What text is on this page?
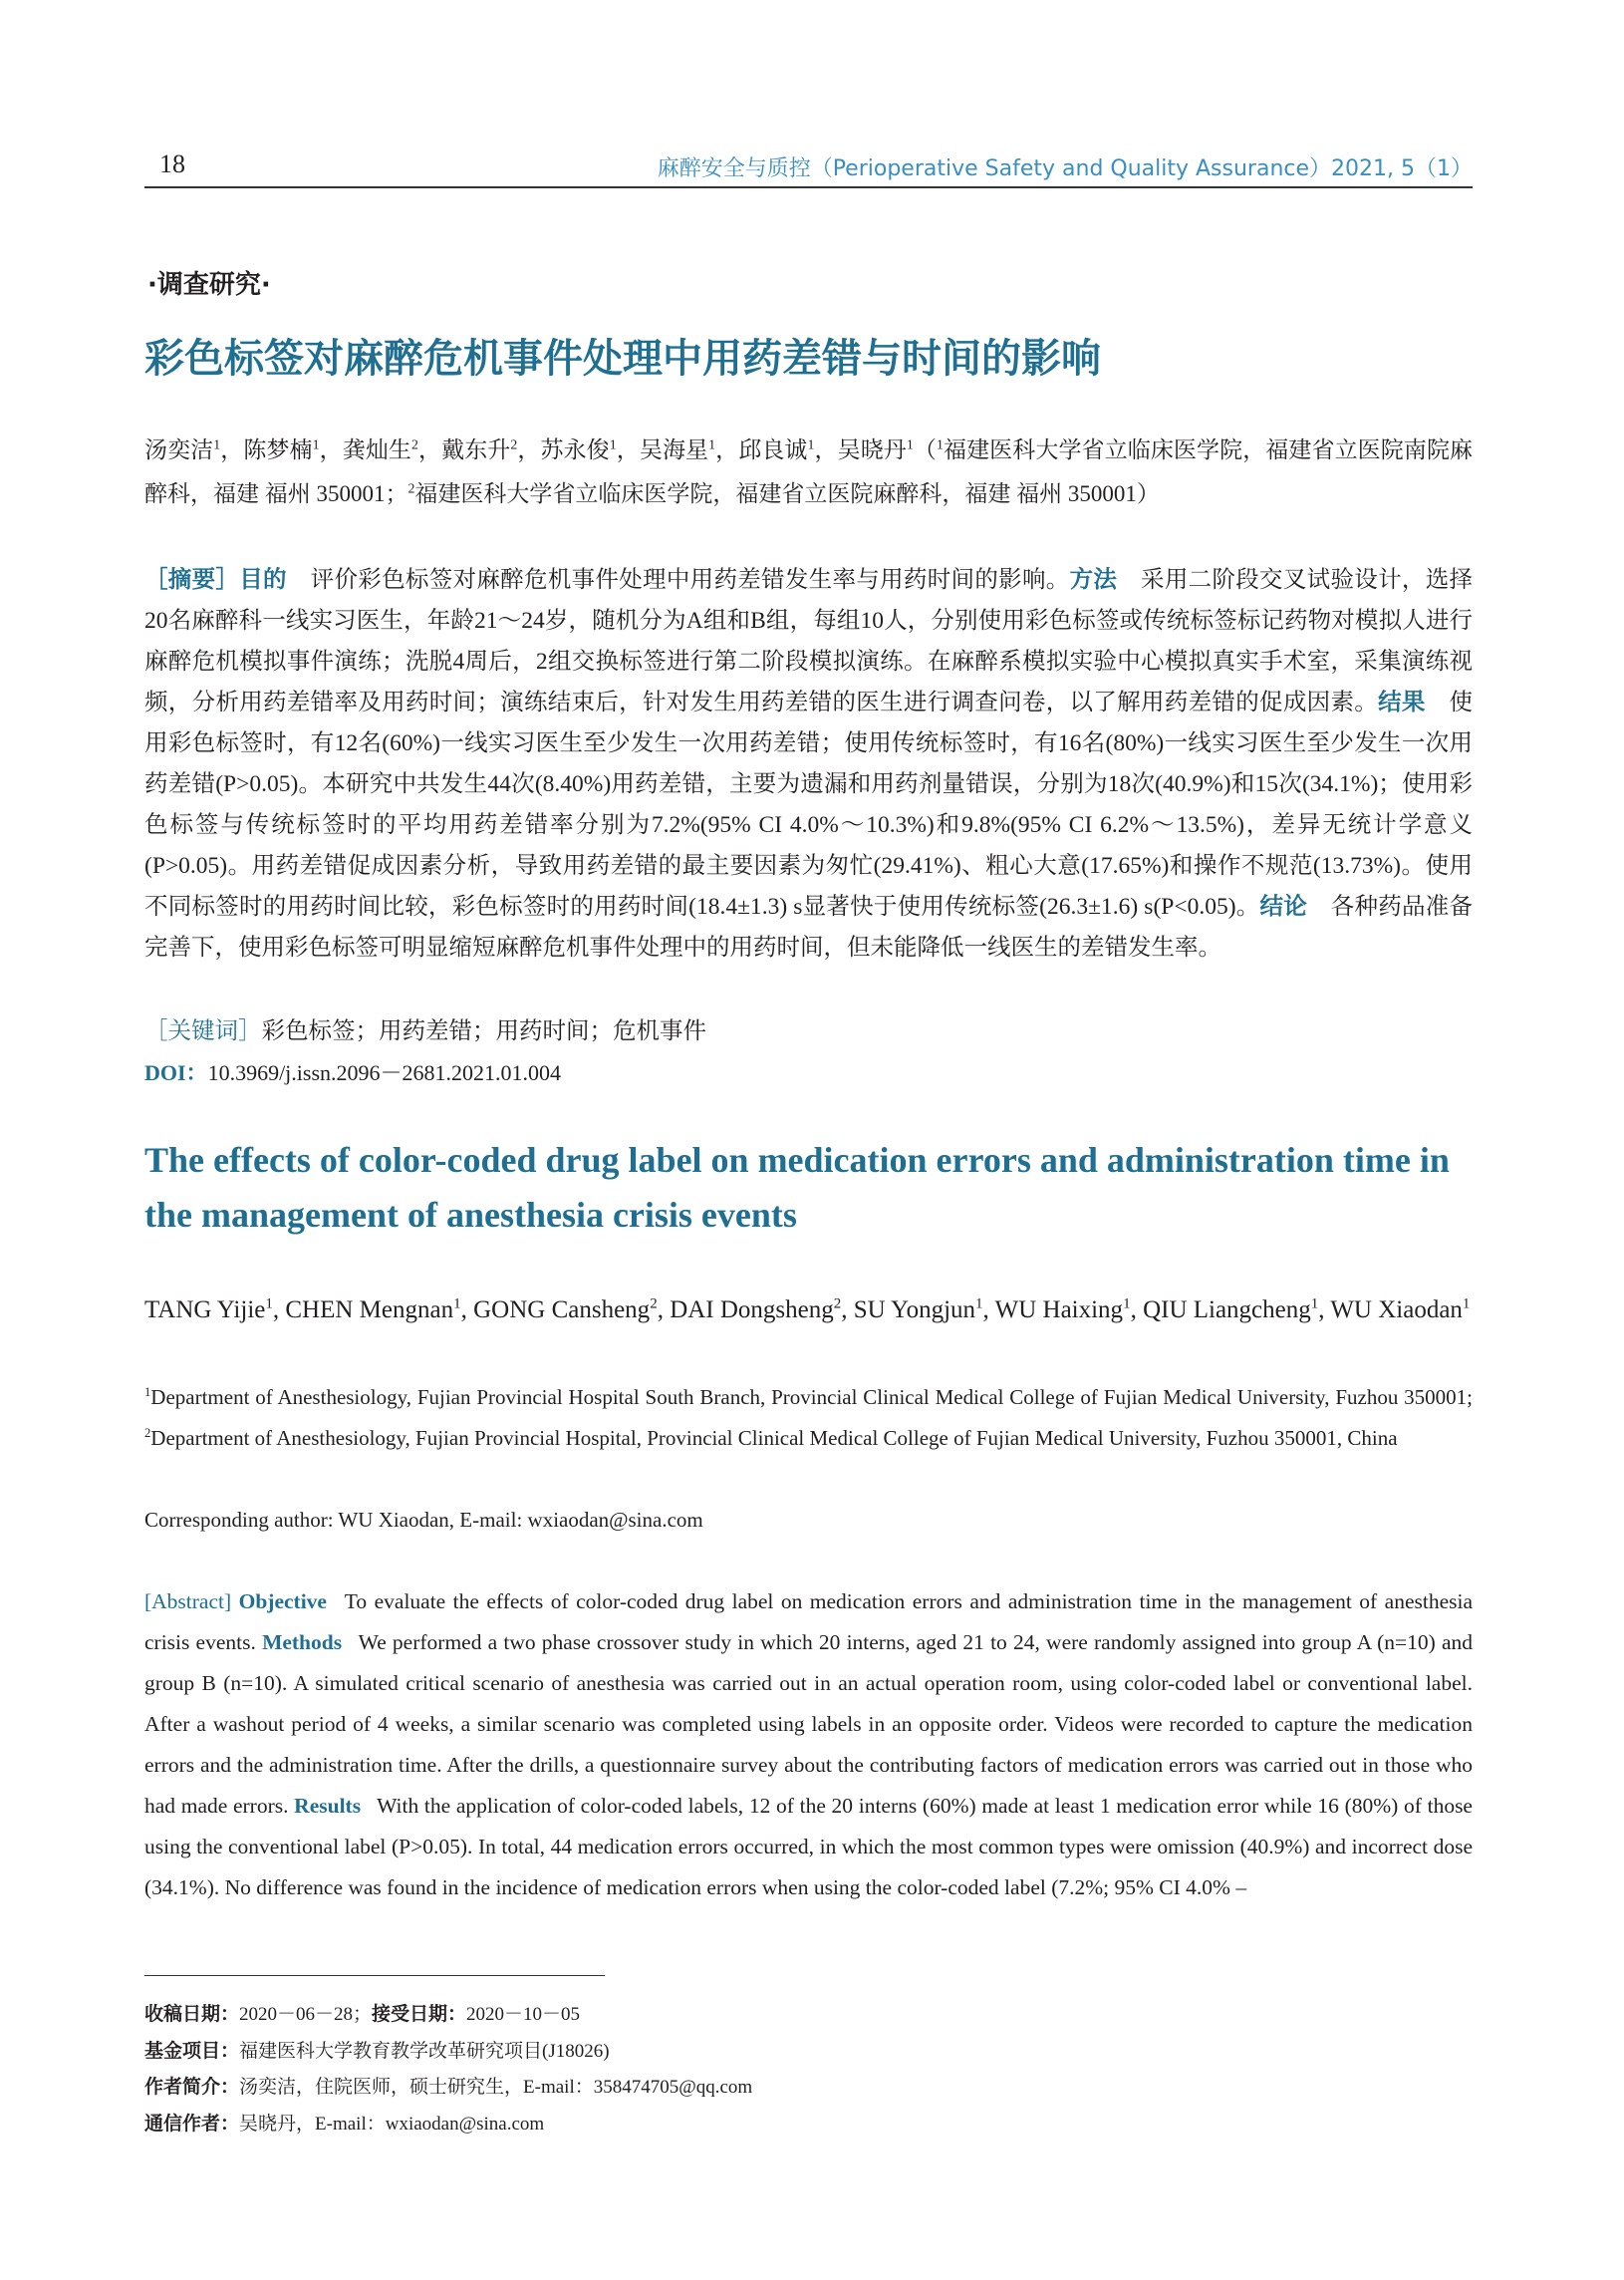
18	麻醉安全与质控（Perioperative Safety and Quality Assurance）2021, 5（1）
·调查研究·
彩色标签对麻醉危机事件处理中用药差错与时间的影响
汤奕洁$^1$，陈梦楠$^1$，龚灿生$^2$，戴东升$^2$，苏永俊$^1$，吴海星$^1$，邱良诚$^1$，吴晓丹$^1$（$^1$福建医科大学省立临床医学院，福建省立医院南院麻醉科，福建 福州 350001；$^2$福建医科大学省立临床医学院，福建省立医院麻醉科，福建 福州 350001）
［摘要］目的  评价彩色标签对麻醉危机事件处理中用药差错发生率与用药时间的影响。方法  采用二阶段交叉试验设计，选择20名麻醉科一线实习医生，年龄21～24岁，随机分为A组和B组，每组10人，分别使用彩色标签或传统标签标记药物对模拟人进行麻醉危机模拟事件演练；洗脱4周后，2组交换标签进行第二阶段模拟演练。在麻醉系模拟实验中心模拟真实手术室，采集演练视频，分析用药差错率及用药时间；演练结束后，针对发生用药差错的医生进行调查问卷，以了解用药差错的促成因素。结果  使用彩色标签时，有12名(60%)一线实习医生至少发生一次用药差错；使用传统标签时，有16名(80%)一线实习医生至少发生一次用药差错(P>0.05)。本研究中共发生44次(8.40%)用药差错，主要为遗漏和用药剂量错误，分别为18次(40.9%)和15次(34.1%)；使用彩色标签与传统标签时的平均用药差错率分别为7.2%(95% CI 4.0%～10.3%)和9.8%(95% CI 6.2%～13.5%)，差异无统计学意义(P>0.05)。用药差错促成因素分析，导致用药差错的最主要因素为匆忙(29.41%)、粗心大意(17.65%)和操作不规范(13.73%)。使用不同标签时的用药时间比较，彩色标签时的用药时间(18.4±1.3) s显著快于使用传统标签(26.3±1.6) s(P<0.05)。结论  各种药品准备完善下，使用彩色标签可明显缩短麻醉危机事件处理中的用药时间，但未能降低一线医生的差错发生率。
［关键词］彩色标签；用药差错；用药时间；危机事件
DOI：10.3969/j.issn.2096－2681.2021.01.004
The effects of color-coded drug label on medication errors and administration time in the management of anesthesia crisis events
TANG Yijie$^1$, CHEN Mengnan$^1$, GONG Cansheng$^2$, DAI Dongsheng$^2$, SU Yongjun$^1$, WU Haixing$^1$, QIU Liangcheng$^1$, WU Xiaodan$^1$
$^1$Department of Anesthesiology, Fujian Provincial Hospital South Branch, Provincial Clinical Medical College of Fujian Medical University, Fuzhou 350001; $^2$Department of Anesthesiology, Fujian Provincial Hospital, Provincial Clinical Medical College of Fujian Medical University, Fuzhou 350001, China
Corresponding author: WU Xiaodan, E-mail: wxiaodan@sina.com
[Abstract] Objective  To evaluate the effects of color-coded drug label on medication errors and administration time in the management of anesthesia crisis events. Methods  We performed a two phase crossover study in which 20 interns, aged 21 to 24, were randomly assigned into group A (n=10) and group B (n=10). A simulated critical scenario of anesthesia was carried out in an actual operation room, using color-coded label or conventional label. After a washout period of 4 weeks, a similar scenario was completed using labels in an opposite order. Videos were recorded to capture the medication errors and the administration time. After the drills, a questionnaire survey about the contributing factors of medication errors was carried out in those who had made errors. Results  With the application of color-coded labels, 12 of the 20 interns (60%) made at least 1 medication error while 16 (80%) of those using the conventional label (P>0.05). In total, 44 medication errors occurred, in which the most common types were omission (40.9%) and incorrect dose (34.1%). No difference was found in the incidence of medication errors when using the color-coded label (7.2%; 95% CI 4.0% –
收稿日期：2020－06－28；接受日期：2020－10－05
基金项目：福建医科大学教育教学改革研究项目(J18026)
作者简介：汤奕洁，住院医师，硕士研究生，E-mail：358474705@qq.com
通信作者：吴晓丹，E-mail：wxiaodan@sina.com
